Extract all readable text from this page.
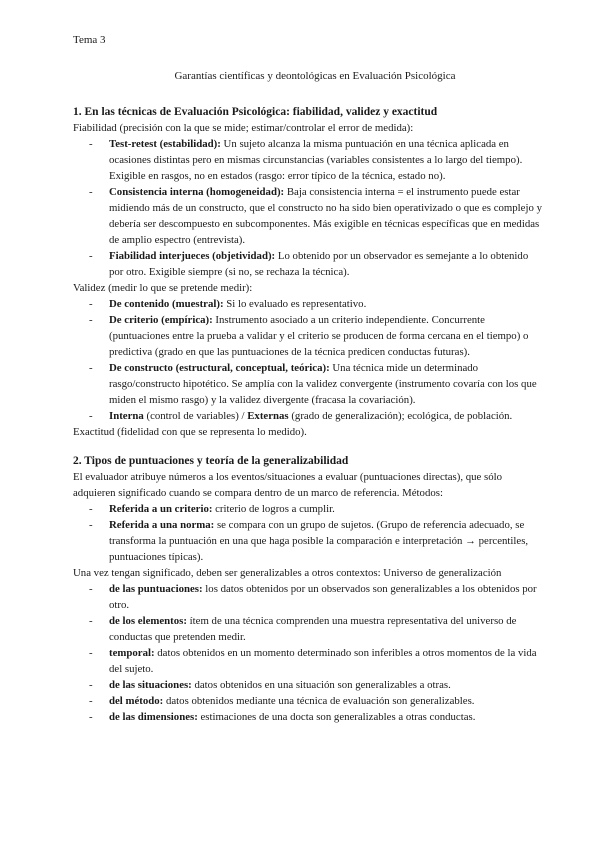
Tema 3

Garantías científicas y deontológicas en Evaluación Psicológica

1. En las técnicas de Evaluación Psicológica: fiabilidad, validez y exactitud

Fiabilidad (precisión con la que se mide; estimar/controlar el error de medida):

- Test-retest (estabilidad): Un sujeto alcanza la misma puntuación en una técnica aplicada en ocasiones distintas pero en mismas circunstancias (variables consistentes a lo largo del tiempo). Exigible en rasgos, no en estados (rasgo: error típico de la técnica, estado no).
- Consistencia interna (homogeneidad): Baja consistencia interna = el instrumento puede estar midiendo más de un constructo, que el constructo no ha sido bien operativizado o que es complejo y debería ser descompuesto en subcomponentes. Más exigible en técnicas específicas que en medidas de amplio espectro (entrevista).
- Fiabilidad interjueces (objetividad): Lo obtenido por un observador es semejante a lo obtenido por otro. Exigible siempre (si no, se rechaza la técnica).

Validez (medir lo que se pretende medir):

- De contenido (muestral): Si lo evaluado es representativo.
- De criterio (empírica): Instrumento asociado a un criterio independiente. Concurrente (puntuaciones entre la prueba a validar y el criterio se producen de forma cercana en el tiempo) o predictiva (grado en que las puntuaciones de la técnica predicen conductas futuras).
- De constructo (estructural, conceptual, teórica): Una técnica mide un determinado rasgo/constructo hipotético. Se amplía con la validez convergente (instrumento covaría con los que miden el mismo rasgo) y la validez divergente (fracasa la covariación).
- Interna (control de variables) / Externas (grado de generalización); ecológica, de población.

Exactitud (fidelidad con que se representa lo medido).

2. Tipos de puntuaciones y teoría de la generalizabilidad

El evaluador atribuye números a los eventos/situaciones a evaluar (puntuaciones directas), que sólo adquieren significado cuando se compara dentro de un marco de referencia. Métodos:

- Referida a un criterio: criterio de logros a cumplir.
- Referida a una norma: se compara con un grupo de sujetos. (Grupo de referencia adecuado, se transforma la puntuación en una que haga posible la comparación e interpretación → percentiles, puntuaciones típicas).

Una vez tengan significado, deben ser generalizables a otros contextos: Universo de generalización

- de las puntuaciones: los datos obtenidos por un observados son generalizables a los obtenidos por otro.
- de los elementos: ítem de una técnica comprenden una muestra representativa del universo de conductas que pretenden medir.
- temporal: datos obtenidos en un momento determinado son inferibles a otros momentos de la vida del sujeto.
- de las situaciones: datos obtenidos en una situación son generalizables a otras.
- del método: datos obtenidos mediante una técnica de evaluación son generalizables.
- de las dimensiones: estimaciones de una docta son generalizables a otras conductas.
